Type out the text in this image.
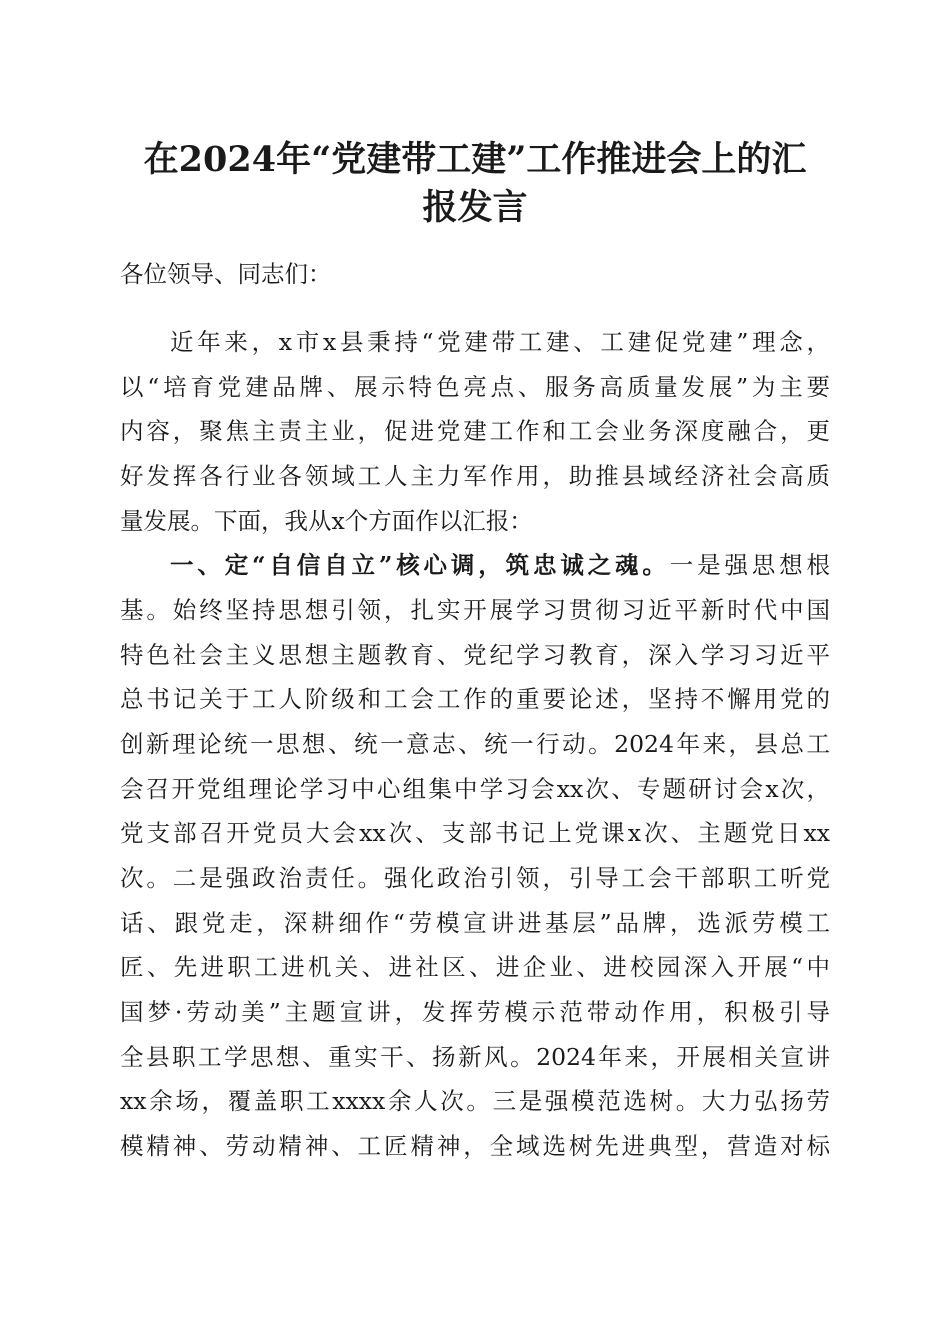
在2024年“党建带工建”工作推进会上的汇
报发言
各位领导、同志们：
近年来，x市x县秉持“党建带工建、工建促党建”理念，
以“培育党建品牌、展示特色亮点、服务高质量发展”为主要
内容，聚焦主责主业，促进党建工作和工会业务深度融合，更
好发挥各行业各领域工人主力军作用，助推县域经济社会高质
量发展。下面，我从x个方面作以汇报：
一、定“自信自立”核心调，筑忠诚之魂。一是强思想根
基。始终坚持思想引领，扎实开展学习贯彻习近平新时代中国
特色社会主义思想主题教育、党纪学习教育，深入学习习近平
总书记关于工人阶级和工会工作的重要论述，坚持不懈用党的
创新理论统一思想、统一意志、统一行动。2024年来，县总工
会召开党组理论学习中心组集中学习会xx次、专题研讨会x次，
党支部召开党员大会xx次、支部书记上党课x次、主题党日xx
次。二是强政治责任。强化政治引领，引导工会干部职工听党
话、跟党走，深耕细作“劳模宣讲进基层”品牌，选派劳模工
匠、先进职工进机关、进社区、进企业、进校园深入开展“中
国梦·劳动美”主题宣讲，发挥劳模示范带动作用，积极引导
全县职工学思想、重实干、扬新风。2024年来，开展相关宣讲
xx余场，覆盖职工xxxx余人次。三是强模范选树。大力弘扬劳
模精神、劳动精神、工匠精神，全域选树先进典型，营造对标
